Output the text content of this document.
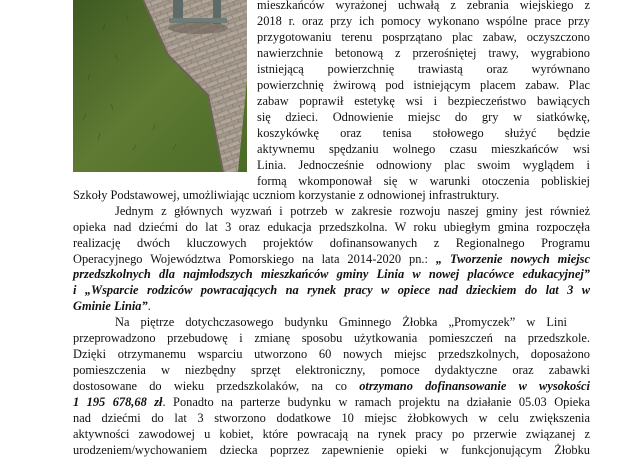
mieszkańców wyrażonej uchwałą z zebrania wiejskiego z
2018 r. oraz przy ich pomocy wykonano wspólne prace przy
przygotowaniu terenu posprzątano plac zabaw, oczyszczono
nawierzchnie betonową z przerośniętej trawy, wygrabiono
istniejącą powierzchnię trawiastą oraz wyrównano
powierzchnię żwirową pod istniejącym placem zabaw. Plac
zabaw poprawił estetykę wsi i bezpieczeństwo bawiących
się dzieci. Odnowienie miejsc do gry w siatkówkę,
koszykówkę oraz tenisa stołowego służyć będzie
aktywnemu spędzaniu wolnego czasu mieszkańców wsi
Linia. Jednocześnie odnowiony plac swoim wyglądem i
formą wkomponował się w warunki otoczenia pobliskiej
Szkoły Podstawowej, umożliwiając uczniom korzystanie z odnowionej infrastruktury.
Jednym z głównych wyzwań i potrzeb w zakresie rozwoju naszej gminy jest również
opieka nad dziećmi do lat 3 oraz edukacja przedszkolna. W roku ubiegłym gmina rozpoczęła
realizację dwóch kluczowych projektów dofinansowanych z Regionalnego Programu
Operacyjnego Województwa Pomorskiego na lata 2014-2020 pn.: „ Tworzenie nowych miejsc
przedszkolnych dla najmłodszych mieszkańców gminy Linia w nowej placówce edukacyjnej”
i „Wsparcie rodziców powracających na rynek pracy w opiece nad dzieckiem do lat 3 w
Gminie Linia”.
Na piętrze dotychczasowego budynku Gminnego Żłobka „Promyczek” w Lini
przeprowadzono przebudowę i zmianę sposobu użytkowania pomieszczeń na przedszkole.
Dzięki otrzymanemu wsparciu utworzono 60 nowych miejsc przedszkolnych, doposażono
pomieszczenia w niezbędny sprzęt elektroniczny, pomoce dydaktyczne oraz zabawki
dostosowane do wieku przedszkolaków, na co otrzymano dofinansowanie w wysokości
1 195 678,68 zł. Ponadto na parterze budynku w ramach projektu na działanie 05.03 Opieka
nad dziećmi do lat 3 stworzono dodatkowe 10 miejsc żłobkowych w celu zwiększenia
aktywności zawodowej u kobiet, które powracają na rynek pracy po przerwie związanej z
urodzeniem/wychowaniem dziecka poprzez zapewnienie opieki w funkcjonującym Żłobku
